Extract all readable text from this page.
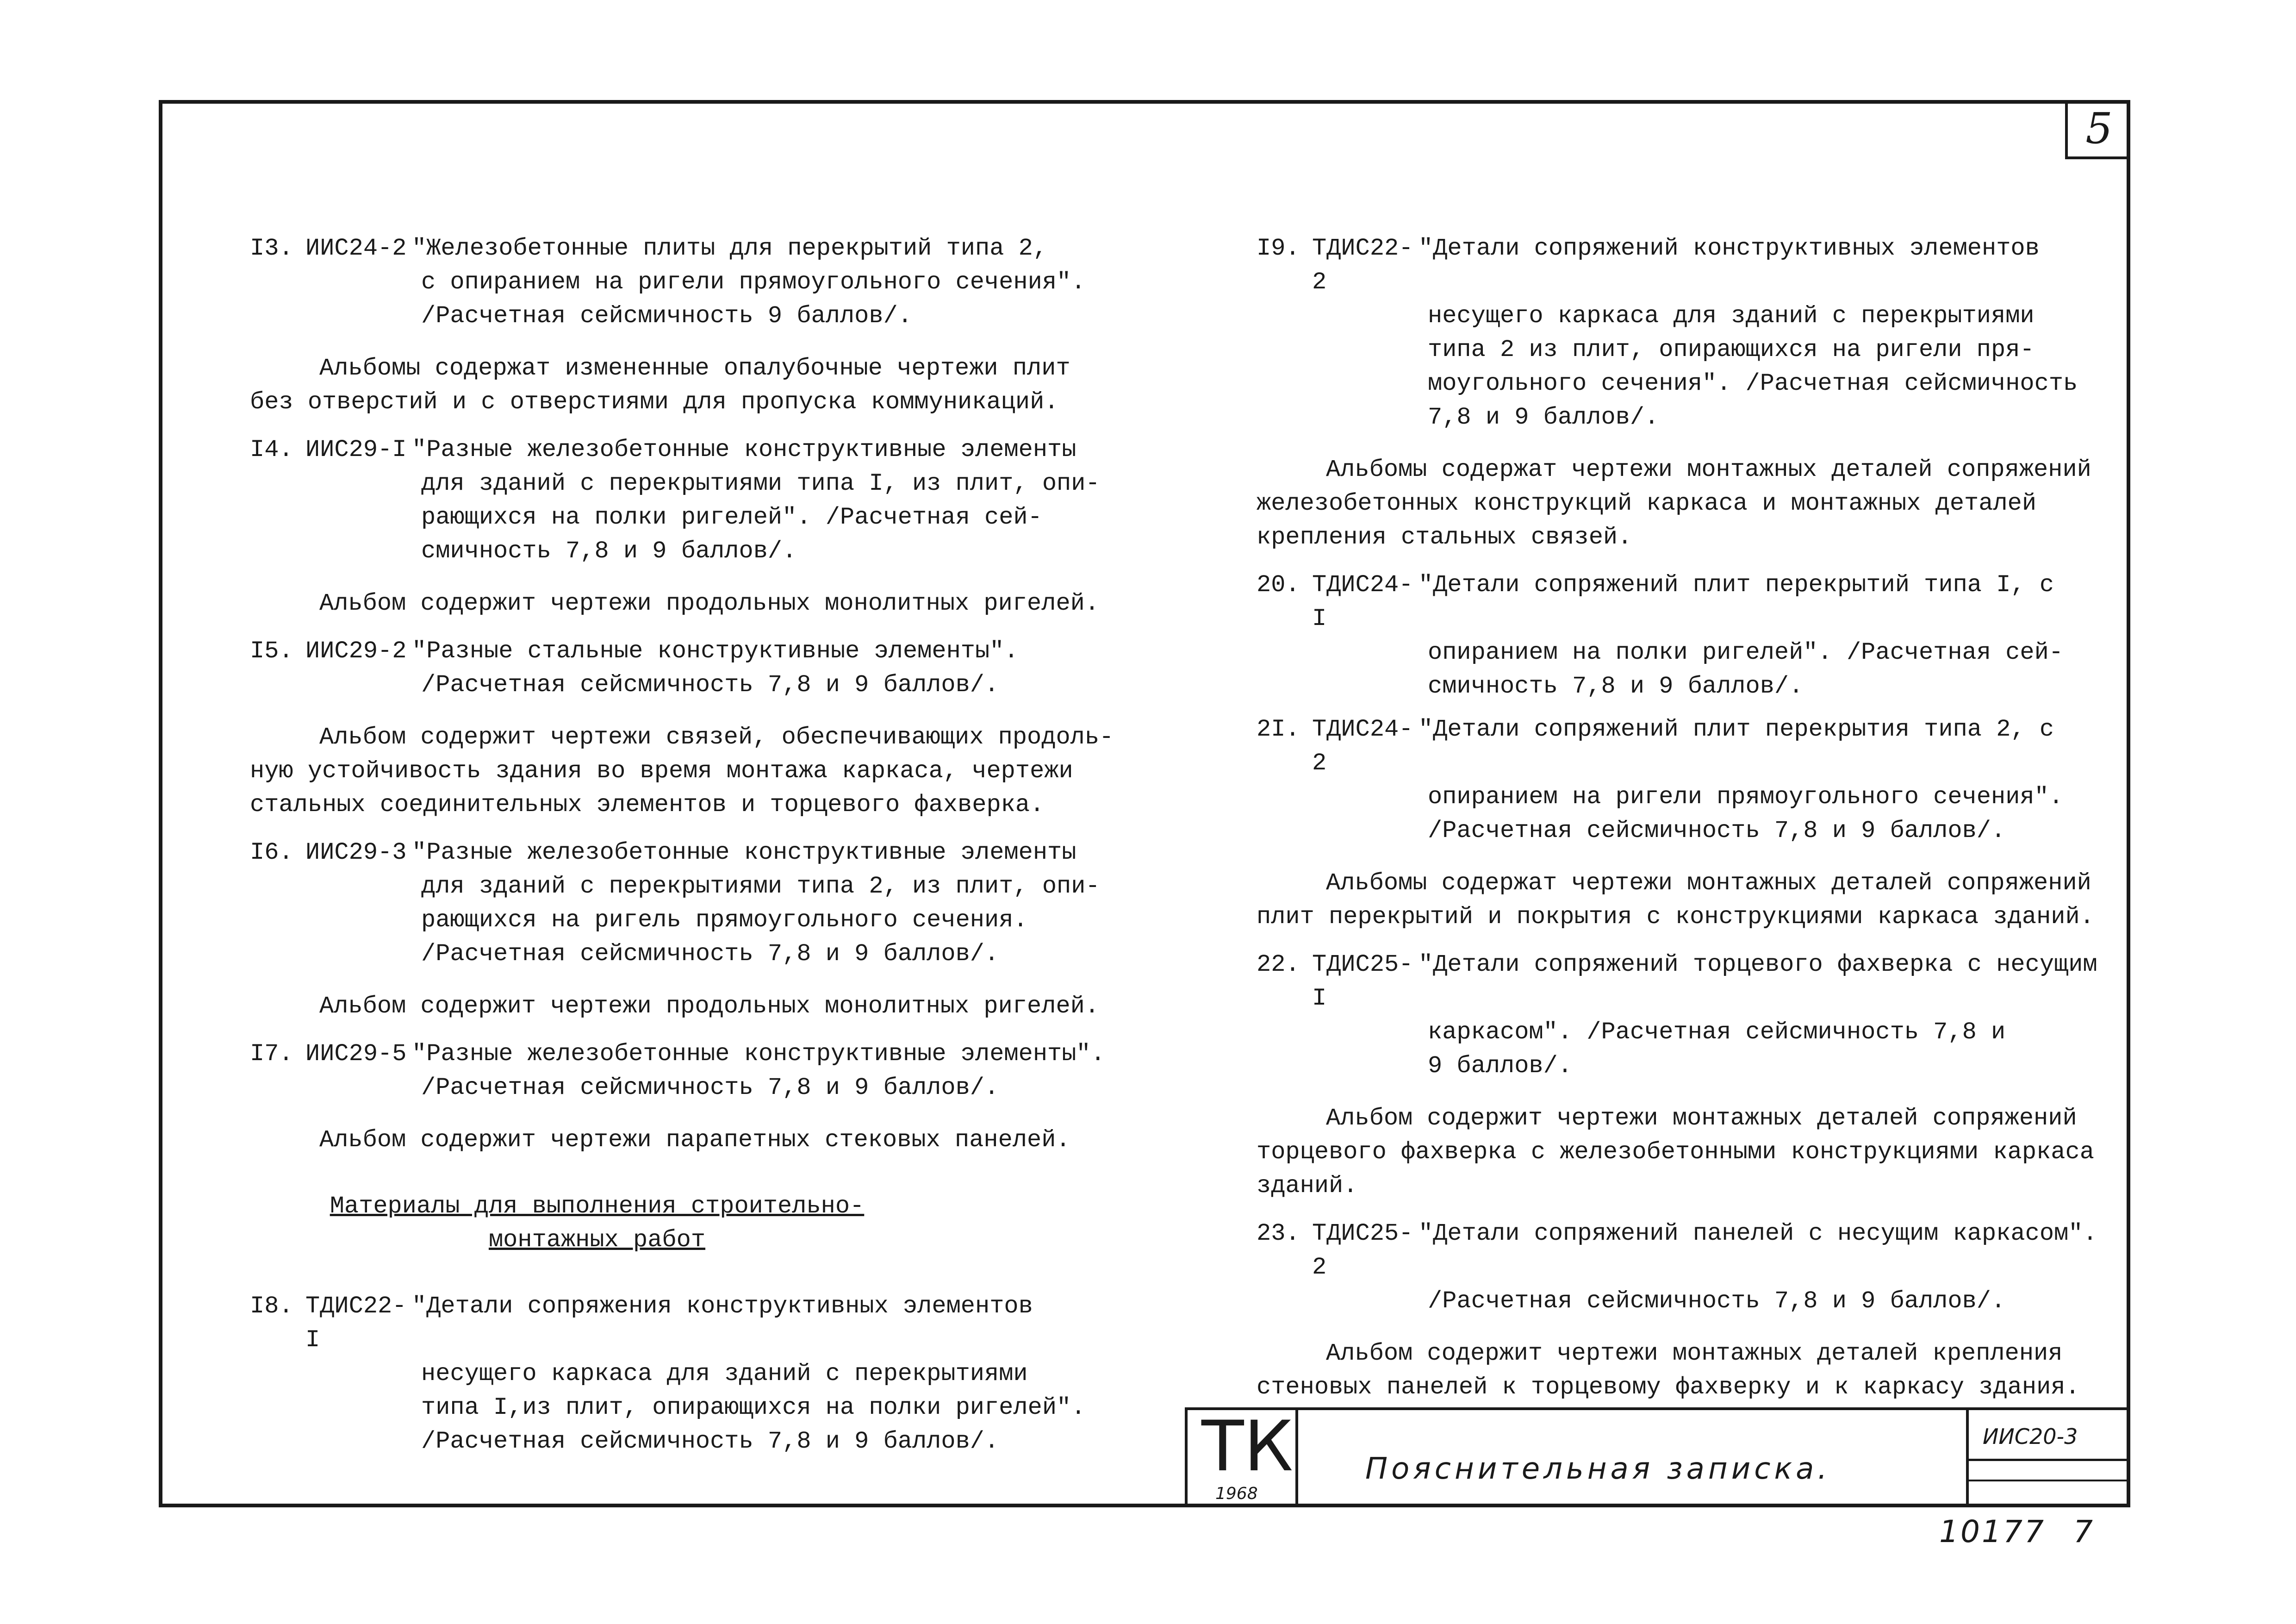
5
I3. ИИС24-2 "Железобетонные плиты для перекрытий типа 2,
с опиранием на ригели прямоугольного сечения".
/Расчетная сейсмичность 9 баллов/.
Альбомы содержат измененные опалубочные чертежи плит
без отверстий и с отверстиями для пропуска коммуникаций.
I4. ИИС29-I "Разные железобетонные конструктивные элементы
для зданий с перекрытиями типа I, из плит, опи-
рающихся на полки ригелей". /Расчетная сей-
смичность 7,8 и 9 баллов/.
Альбом содержит чертежи продольных монолитных ригелей.
I5. ИИС29-2 "Разные стальные конструктивные элементы".
/Расчетная сейсмичность 7,8 и 9 баллов/.
Альбом содержит чертежи связей, обеспечивающих продоль-
ную устойчивость здания во время монтажа каркаса, чертежи
стальных соединительных элементов и торцевого фахверка.
I6. ИИС29-3 "Разные железобетонные конструктивные элементы
для зданий с перекрытиями типа 2, из плит, опи-
рающихся на ригель прямоугольного сечения.
/Расчетная сейсмичность 7,8 и 9 баллов/.
Альбом содержит чертежи продольных монолитных ригелей.
I7. ИИС29-5 "Разные железобетонные конструктивные элементы".
/Расчетная сейсмичность 7,8 и 9 баллов/.
Альбом содержит чертежи парапетных стековых панелей.
Материалы для выполнения строительно-
монтажных работ
I8. ТДИС22-I
"Детали сопряжения конструктивных элементов
несущего каркаса для зданий с перекрытиями
типа I,из плит, опирающихся на полки ригелей".
/Расчетная сейсмичность 7,8 и 9 баллов/.
I9. ТДИС22-2
"Детали сопряжений конструктивных элементов
несущего каркаса для зданий с перекрытиями
типа 2 из плит, опирающихся на ригели пря-
моугольного сечения". /Расчетная сейсмичность
7,8 и 9 баллов/.
Альбомы содержат чертежи монтажных деталей сопряжений
железобетонных конструкций каркаса и монтажных деталей
крепления стальных связей.
20. ТДИС24-I
"Детали сопряжений плит перекрытий типа I, с
опиранием на полки ригелей". /Расчетная сей-
смичность 7,8 и 9 баллов/.
2I. ТДИС24-2
"Детали сопряжений плит перекрытия типа 2, с
опиранием на ригели прямоугольного сечения".
/Расчетная сейсмичность 7,8 и 9 баллов/.
Альбомы содержат чертежи монтажных деталей сопряжений
плит перекрытий и покрытия с конструкциями каркаса зданий.
22. ТДИС25-I
"Детали сопряжений торцевого фахверка с несущим
каркасом". /Расчетная сейсмичность 7,8 и
9 баллов/.
Альбом содержит чертежи монтажных деталей сопряжений
торцевого фахверка с железобетонными конструкциями каркаса
зданий.
23. ТДИС25-2
"Детали сопряжений панелей с несущим каркасом".
/Расчетная сейсмичность 7,8 и 9 баллов/.
Альбом содержит чертежи монтажных деталей крепления
стеновых панелей к торцевому фахверку и к каркасу здания.
ТК
1968
Пояснительная записка.
ИИС20-3
10177 7
